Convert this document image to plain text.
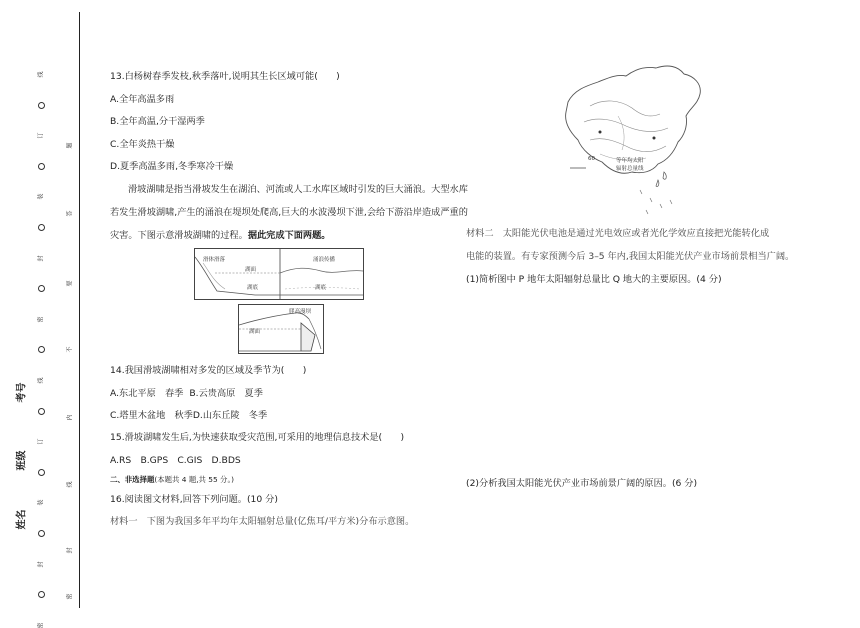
线
订
装
封
密
线
订
装
封
密
题
答
要
不
内
线
封
密
考号
班级
姓名
13.白杨树春季发枝,秋季落叶,说明其生长区域可能(　　)
A.全年高温多雨
B.全年高温,分干湿两季
C.全年炎热干燥
D.夏季高温多雨,冬季寒冷干燥
滑坡湖啸是指当滑坡发生在湖泊、河流或人工水库区域时引发的巨大涌浪。大型水库若发生滑坡湖啸,产生的涌浪在堤坝处爬高,巨大的水波漫坝下泄,会给下游沿岸造成严重的灾害。下图示意滑坡湖啸的过程。据此完成下面两题。
滑体滑落
湖面
湖底
涌浪传播
湖底
爬高漫坝
湖面
14.我国滑坡湖啸相对多发的区域及季节为(　　)
A.东北平原　春季 B.云贵高原　夏季
C.塔里木盆地　秋季D.山东丘陵　冬季
15.滑坡湖啸发生后,为快速获取受灾范围,可采用的地理信息技术是(　　)
A.RS　B.GPS　C.GIS　D.BDS
二、非选择题(本题共 4 题,共 55 分。)
16.阅读图文材料,回答下列问题。(10 分)
材料一　下图为我国多年平均年太阳辐射总量(亿焦耳/平方米)分布示意图。
60	等年均太阳
辐射总量线
材料二　太阳能光伏电池是通过光电效应或者光化学效应直接把光能转化成
电能的装置。有专家预测今后 3–5 年内,我国太阳能光伏产业市场前景相当广阔。
(1)简析图中 P 地年太阳辐射总量比 Q 地大的主要原因。(4 分)
(2)分析我国太阳能光伏产业市场前景广阔的原因。(6 分)
